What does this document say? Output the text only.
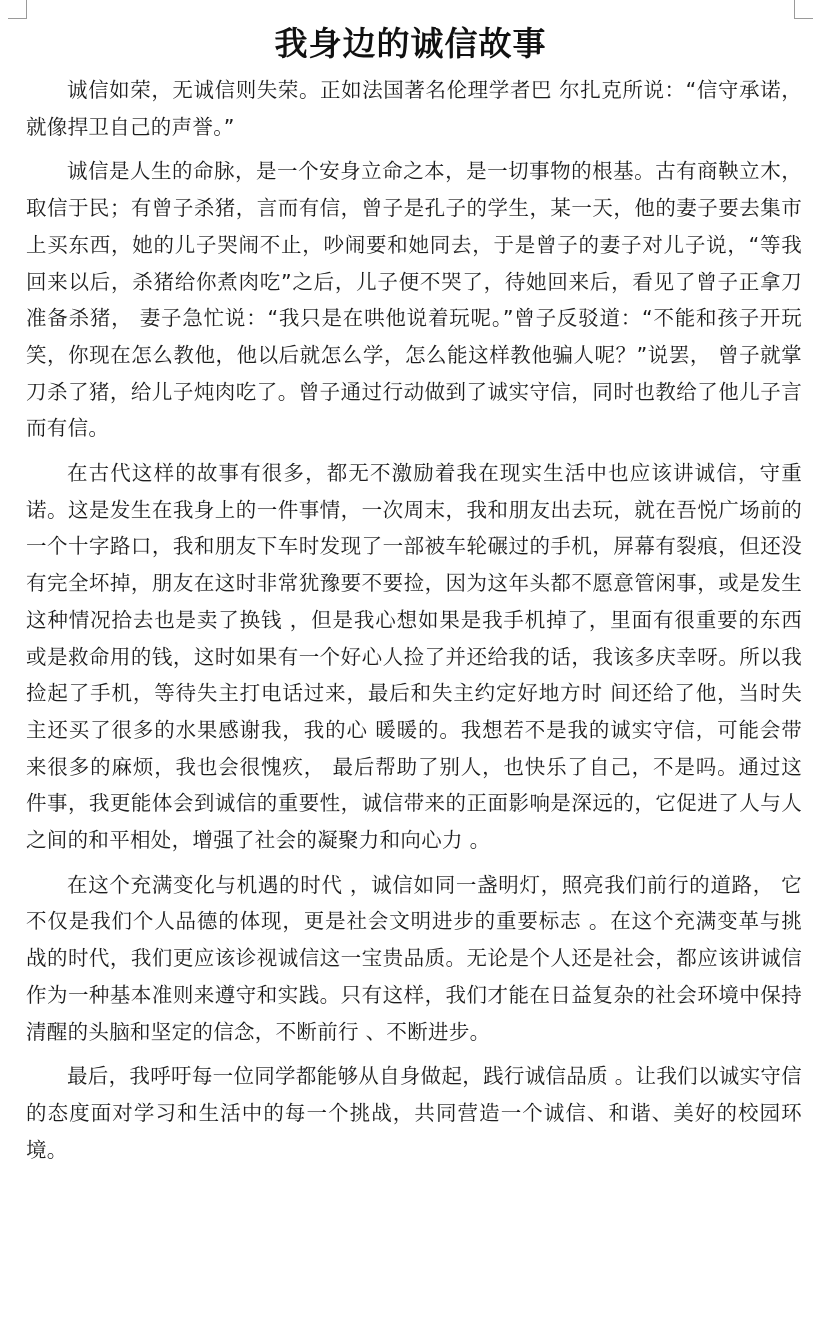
我身边的诚信故事

诚信如荣，无诚信则失荣。正如法国著名伦理学者巴 尔扎克所说：“信守承诺，就像捍卫自己的声誉。”

诚信是人生的命脉，是一个安身立命之本，是一切事物的根基。古有商鞅立木，取信于民；有曾子杀猪，言而有信，曾子是孔子的学生，某一天，他的妻子要去集市上买东西，她的儿子哭闹不止，吵闹要和她同去，于是曾子的妻子对儿子说，“等我回来以后，杀猪给你煮肉吃”之后，儿子便不哭了，待她回来后，看见了曾子正拿刀准备杀猪， 妻子急忙说：“我只是在哄他说着玩呢。”曾子反驳道：“不能和孩子开玩笑，你现在怎么教他，他以后就怎么学，怎么能这样教他骗人呢？”说罢， 曾子就掌刀杀了猪，给儿子炖肉吃了。曾子通过行动做到了诚实守信，同时也教给了他儿子言而有信。

在古代这样的故事有很多，都无不激励着我在现实生活中也应该讲诚信，守重诺。这是发生在我身上的一件事情，一次周末，我和朋友出去玩，就在吾悦广场前的一个十字路口，我和朋友下车时发现了一部被车轮碾过的手机，屏幕有裂痕，但还没有完全坏掉，朋友在这时非常犹豫要不要捡，因为这年头都不愿意管闲事，或是发生这种情况拾去也是卖了换钱 ，但是我心想如果是我手机掉了，里面有很重要的东西或是救命用的钱，这时如果有一个好心人捡了并还给我的话，我该多庆幸呀。所以我捡起了手机，等待失主打电话过来，最后和失主约定好地方时 间还给了他，当时失主还买了很多的水果感谢我，我的心 暖暖的。我想若不是我的诚实守信，可能会带来很多的麻烦，我也会很愧疚， 最后帮助了别人，也快乐了自己，不是吗。通过这件事，我更能体会到诚信的重要性，诚信带来的正面影响是深远的，它促进了人与人之间的和平相处，增强了社会的凝聚力和向心力 。

在这个充满变化与机遇的时代 ，诚信如同一盏明灯，照亮我们前行的道路， 它不仅是我们个人品德的体现，更是社会文明进步的重要标志 。在这个充满变革与挑战的时代，我们更应该诊视诚信这一宝贵品质。无论是个人还是社会，都应该讲诚信作为一种基本准则来遵守和实践。只有这样，我们才能在日益复杂的社会环境中保持清醒的头脑和坚定的信念，不断前行 、不断进步。

最后，我呼吁每一位同学都能够从自身做起，践行诚信品质 。让我们以诚实守信的态度面对学习和生活中的每一个挑战，共同营造一个诚信、和谐、美好的校园环境。
